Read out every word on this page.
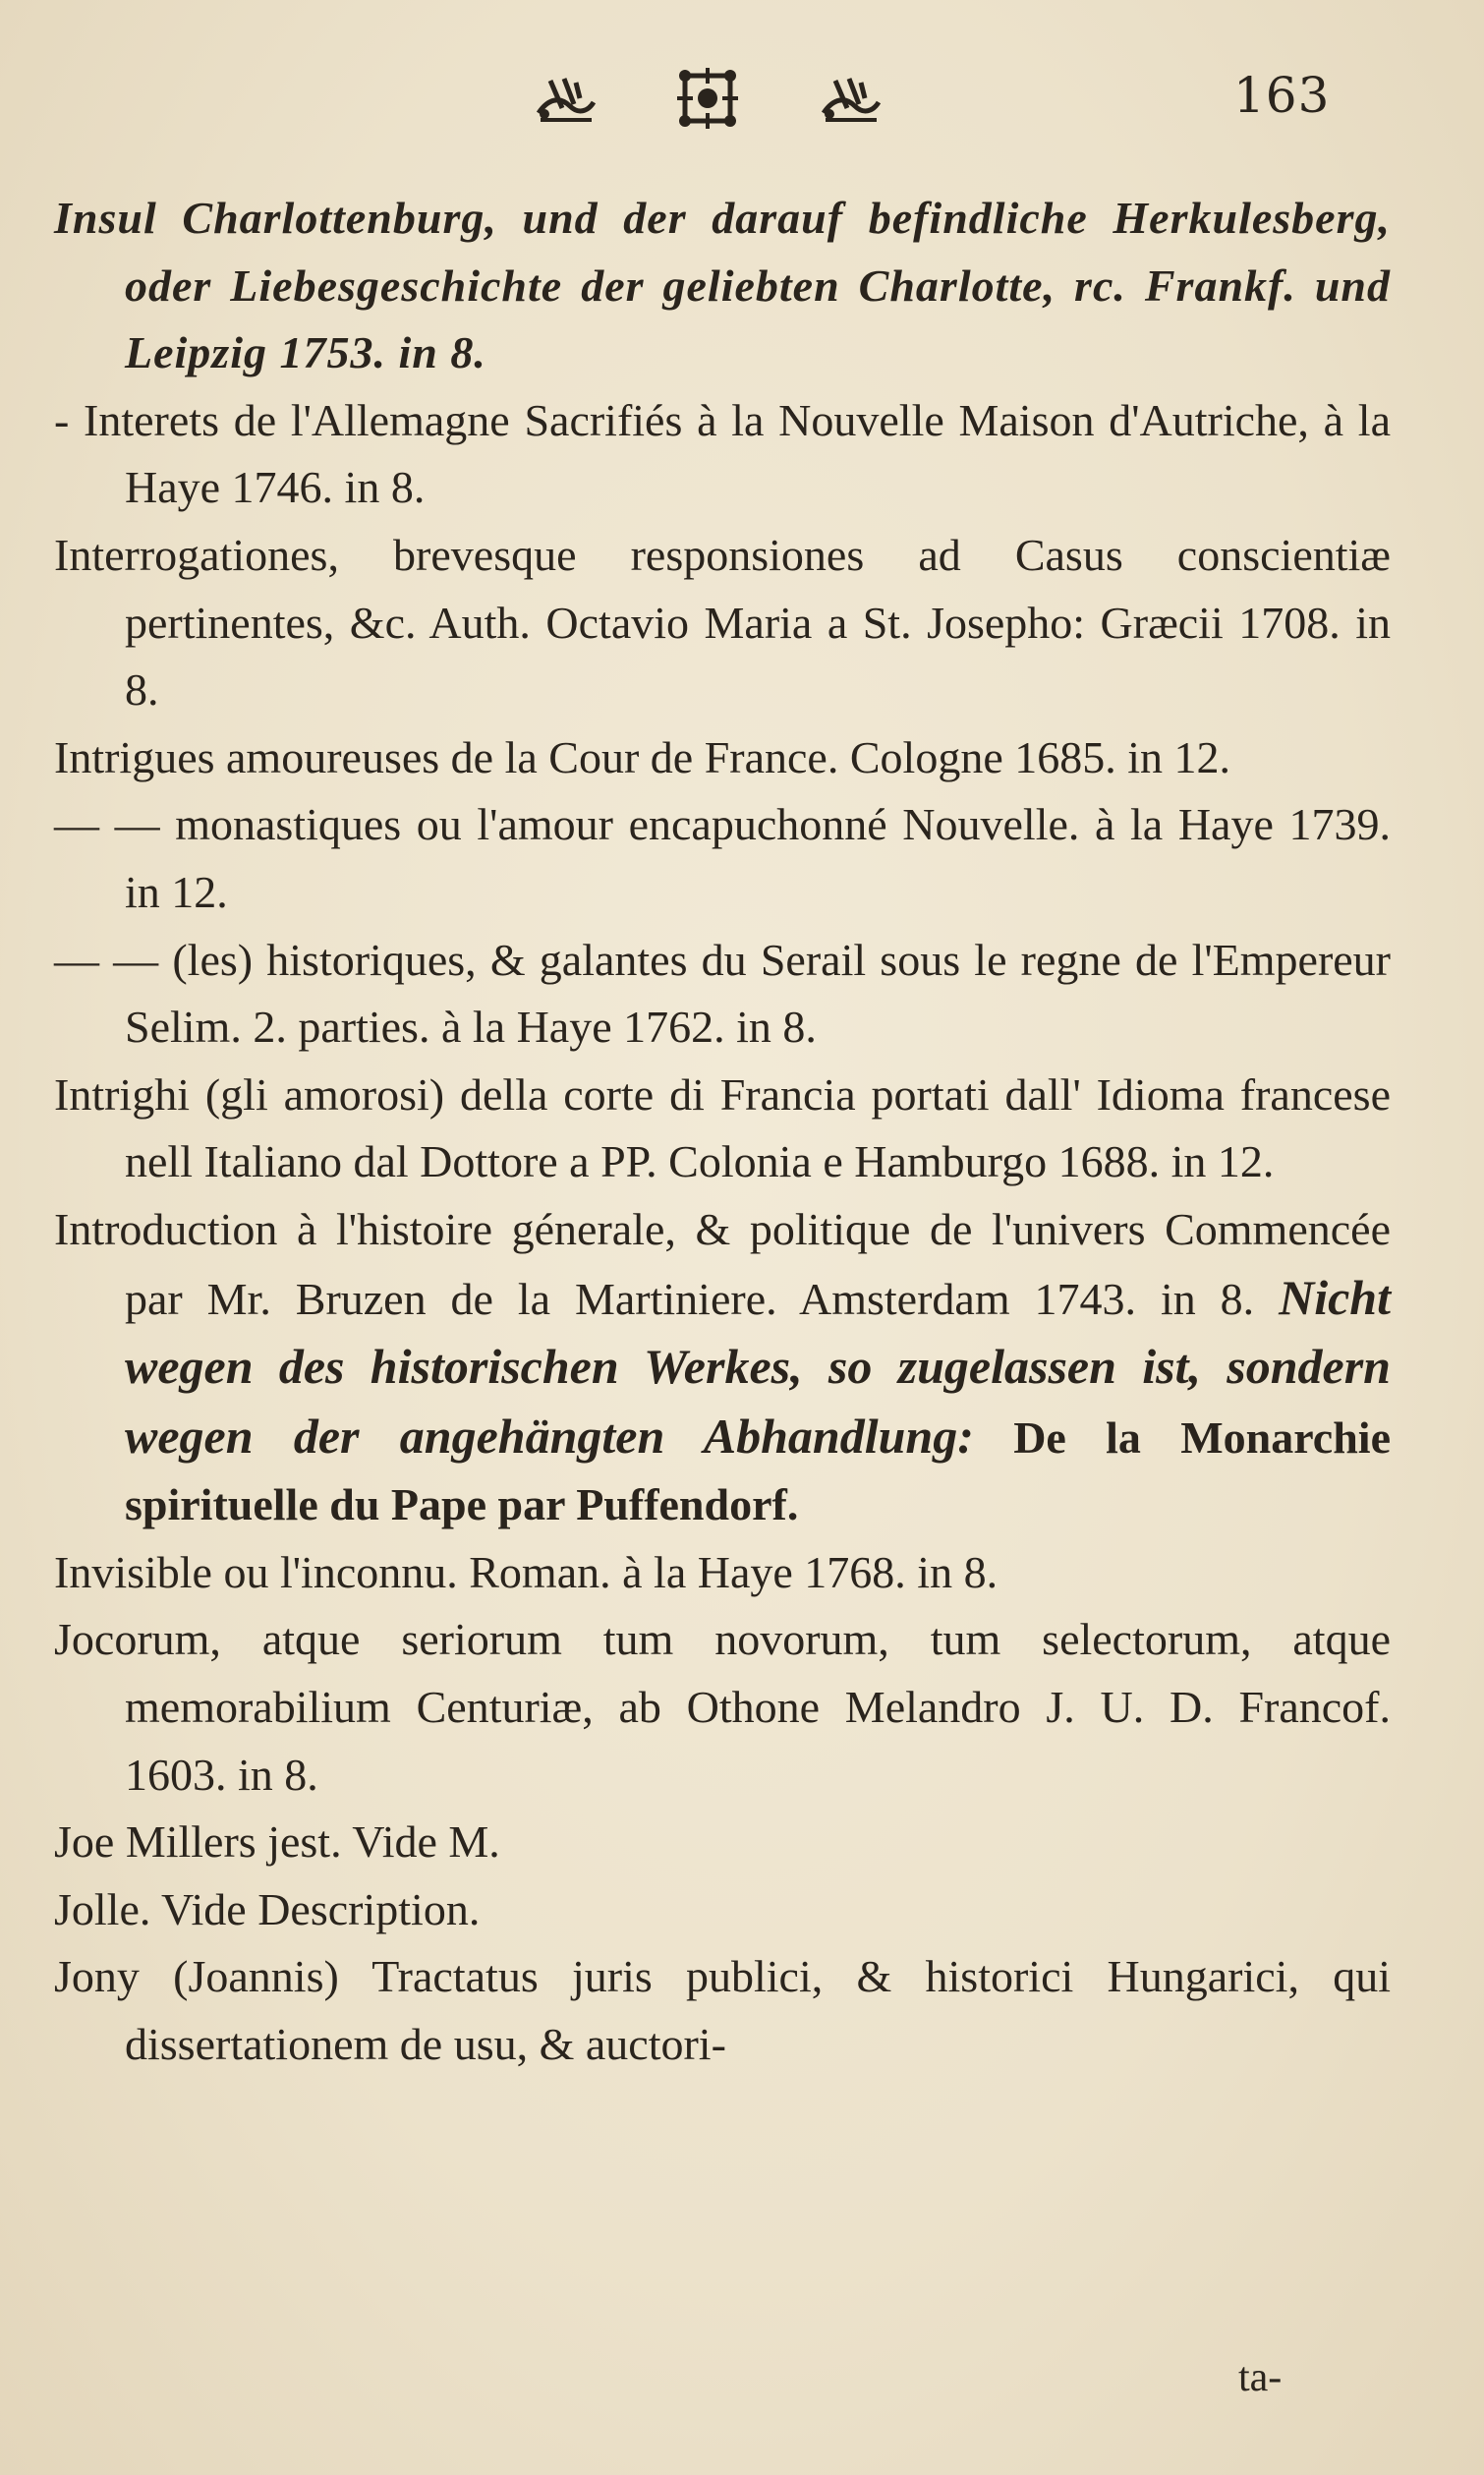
163

Insul Charlottenburg, und der darauf befindliche Herkulesberg, oder Liebesgeschichte der geliebten Charlotte, rc. Frankf. und Leipzig 1753. in 8.

- Interets de l'Allemagne Sacrifiés à la Nouvelle Maison d'Autriche, à la Haye 1746. in 8.

Interrogationes, brevesque responsiones ad Casus conscientiæ pertinentes, &c. Auth. Octavio Maria a St. Josepho: Græcii 1708. in 8.

Intrigues amoureuses de la Cour de France. Cologne 1685. in 12.

— — monastiques ou l'amour encapuchonné Nouvelle. à la Haye 1739. in 12.

— — (les) historiques, & galantes du Serail sous le regne de l'Empereur Selim. 2. parties. à la Haye 1762. in 8.

Intrighi (gli amorosi) della corte di Francia portati dall' Idioma francese nell Italiano dal Dottore a PP. Colonia e Hamburgo 1688. in 12.

Introduction à l'histoire génerale, & politique de l'univers Commencée par Mr. Bruzen de la Martiniere. Amsterdam 1743. in 8. Nicht wegen des historischen Werkes, so zugelassen ist, sondern wegen der angehängten Abhandlung: De la Monarchie spirituelle du Pape par Puffendorf.

Invisible ou l'inconnu. Roman. à la Haye 1768. in 8.

Jocorum, atque seriorum tum novorum, tum selectorum, atque memorabilium Centuriæ, ab Othone Melandro J. U. D. Francof. 1603. in 8.

Joe Millers jest. Vide M.

Jolle. Vide Description.

Jony (Joannis) Tractatus juris publici, & historici Hungarici, qui dissertationem de usu, & auctori-

ta-
